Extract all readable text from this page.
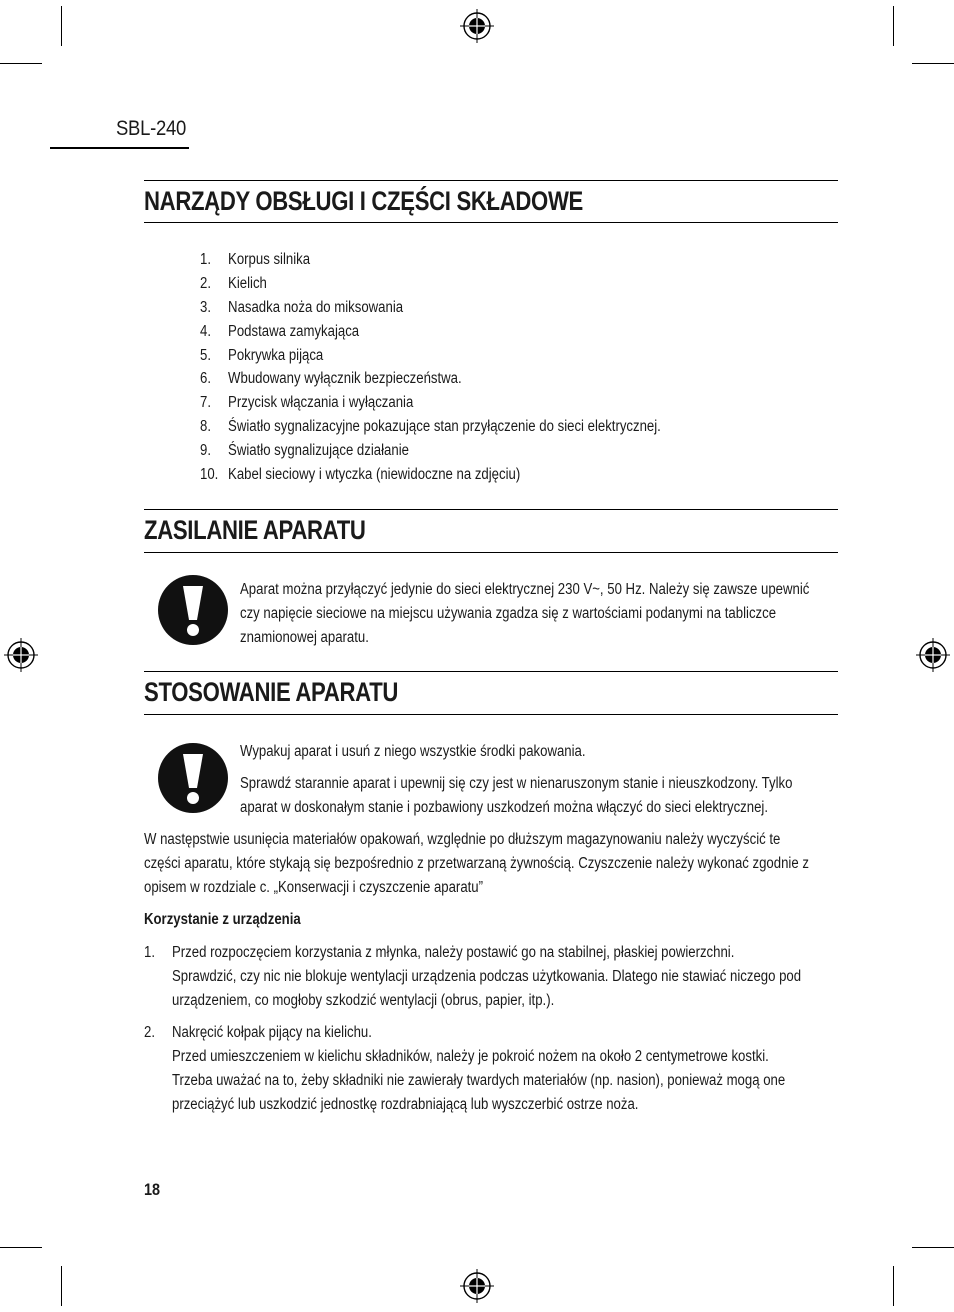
SBL-240
NARZĄDY OBSŁUGI I CZĘŚCI SKŁADOWE
1. Korpus silnika
2. Kielich
3. Nasadka noża do miksowania
4. Podstawa zamykająca
5. Pokrywka pijąca
6. Wbudowany wyłącznik bezpieczeństwa.
7. Przycisk włączania i wyłączania
8. Światło sygnalizacyjne pokazujące stan przyłączenie do sieci elektrycznej.
9. Światło sygnalizujące działanie
10. Kabel sieciowy i wtyczka (niewidoczne na zdjęciu)
ZASILANIE APARATU
Aparat można przyłączyć jedynie do sieci elektrycznej 230 V~, 50 Hz. Należy się zawsze upewnić
czy napięcie sieciowe na miejscu używania zgadza się z wartościami podanymi na tabliczce
znamionowej aparatu.
STOSOWANIE APARATU
Wypakuj aparat i usuń z niego wszystkie środki pakowania.
Sprawdź starannie aparat i upewnij się czy jest w nienaruszonym stanie i nieuszkodzony. Tylko
aparat w doskonałym stanie i pozbawiony uszkodzeń można włączyć do sieci elektrycznej.
W następstwie usunięcia materiałów opakowań, względnie po dłuższym magazynowaniu należy wyczyścić te
części aparatu, które stykają się bezpośrednio z przetwarzaną żywnością. Czyszczenie należy wykonać zgodnie z
opisem w rozdziale c. „Konserwacji i czyszczenie aparatu”
Korzystanie z urządzenia
1. Przed rozpoczęciem korzystania z młynka, należy postawić go na stabilnej, płaskiej powierzchni.
Sprawdzić, czy nic nie blokuje wentylacji urządzenia podczas użytkowania. Dlatego nie stawiać niczego pod
urządzeniem, co mogłoby szkodzić wentylacji (obrus, papier, itp.).
2. Nakręcić kołpak pijący na kielichu.
Przed umieszczeniem w kielichu składników, należy je pokroić nożem na około 2 centymetrowe kostki.
Trzeba uważać na to, żeby składniki nie zawierały twardych materiałów (np. nasion), ponieważ mogą one
przeciążyć lub uszkodzić jednostkę rozdrabniającą lub wyszczerbić ostrze noża.
18
